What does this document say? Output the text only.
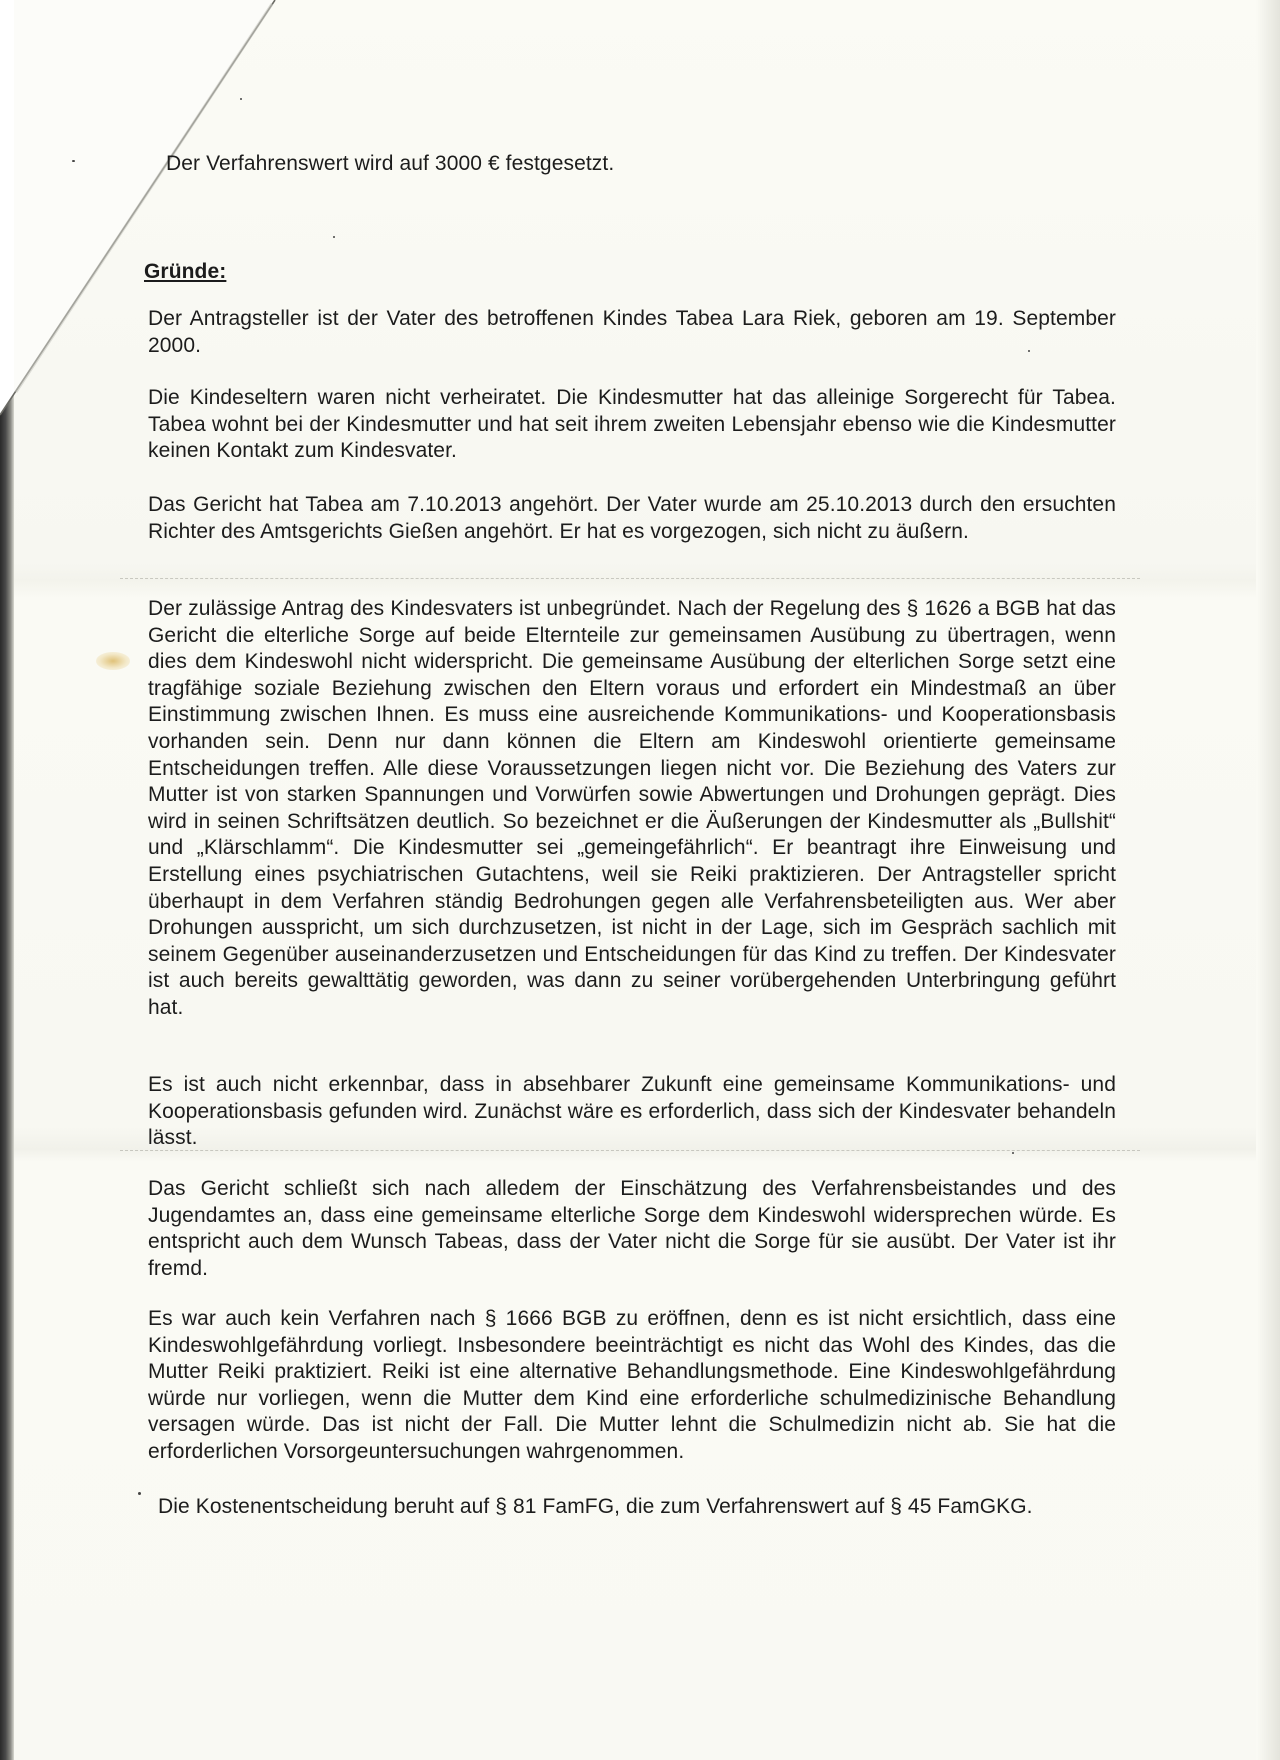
Der Verfahrenswert wird auf 3000 € festgesetzt.
Gründe:
Der Antragsteller ist der Vater des betroffenen Kindes Tabea Lara Riek, geboren am 19. September 2000.
Die Kindeseltern waren nicht verheiratet. Die Kindesmutter hat das alleinige Sorgerecht für Tabea. Tabea wohnt bei der Kindesmutter und hat seit ihrem zweiten Lebensjahr ebenso wie die Kindesmutter keinen Kontakt zum Kindesvater.
Das Gericht hat Tabea am 7.10.2013 angehört. Der Vater wurde am 25.10.2013 durch den ersuchten Richter des Amtsgerichts Gießen angehört. Er hat es vorgezogen, sich nicht zu äußern.
Der zulässige Antrag des Kindesvaters ist unbegründet. Nach der Regelung des § 1626 a BGB hat das Gericht die elterliche Sorge auf beide Elternteile zur gemeinsamen Ausübung zu übertragen, wenn dies dem Kindeswohl nicht widerspricht. Die gemeinsame Ausübung der elterlichen Sorge setzt eine tragfähige soziale Beziehung zwischen den Eltern voraus und erfordert ein Mindestmaß an über Einstimmung zwischen Ihnen. Es muss eine ausreichende Kommunikations- und Kooperationsbasis vorhanden sein. Denn nur dann können die Eltern am Kindeswohl orientierte gemeinsame Entscheidungen treffen. Alle diese Voraussetzungen liegen nicht vor. Die Beziehung des Vaters zur Mutter ist von starken Spannungen und Vorwürfen sowie Abwertungen und Drohungen geprägt. Dies wird in seinen Schriftsätzen deutlich. So bezeichnet er die Äußerungen der Kindesmutter als „Bullshit“ und „Klärschlamm“. Die Kindesmutter sei „gemeingefährlich“. Er beantragt ihre Einweisung und Erstellung eines psychiatrischen Gutachtens, weil sie Reiki praktizieren. Der Antragsteller spricht überhaupt in dem Verfahren ständig Bedrohungen gegen alle Verfahrensbeteiligten aus. Wer aber Drohungen ausspricht, um sich durchzusetzen, ist nicht in der Lage, sich im Gespräch sachlich mit seinem Gegenüber auseinanderzusetzen und Entscheidungen für das Kind zu treffen. Der Kindesvater ist auch bereits gewalttätig geworden, was dann zu seiner vorübergehenden Unterbringung geführt hat.
Es ist auch nicht erkennbar, dass in absehbarer Zukunft eine gemeinsame Kommunikations- und Kooperationsbasis gefunden wird. Zunächst wäre es erforderlich, dass sich der Kindesvater behandeln lässt.
Das Gericht schließt sich nach alledem der Einschätzung des Verfahrensbeistandes und des Jugendamtes an, dass eine gemeinsame elterliche Sorge dem Kindeswohl widersprechen würde. Es entspricht auch dem Wunsch Tabeas, dass der Vater nicht die Sorge für sie ausübt. Der Vater ist ihr fremd.
Es war auch kein Verfahren nach § 1666 BGB zu eröffnen, denn es ist nicht ersichtlich, dass eine Kindeswohlgefährdung vorliegt. Insbesondere beeinträchtigt es nicht das Wohl des Kindes, das die Mutter Reiki praktiziert. Reiki ist eine alternative Behandlungsmethode. Eine Kindeswohlgefährdung würde nur vorliegen, wenn die Mutter dem Kind eine erforderliche schulmedizinische Behandlung versagen würde. Das ist nicht der Fall. Die Mutter lehnt die Schulmedizin nicht ab. Sie hat die erforderlichen Vorsorgeuntersuchungen wahrgenommen.
Die Kostenentscheidung beruht auf § 81 FamFG, die zum Verfahrenswert auf § 45 FamGKG.
